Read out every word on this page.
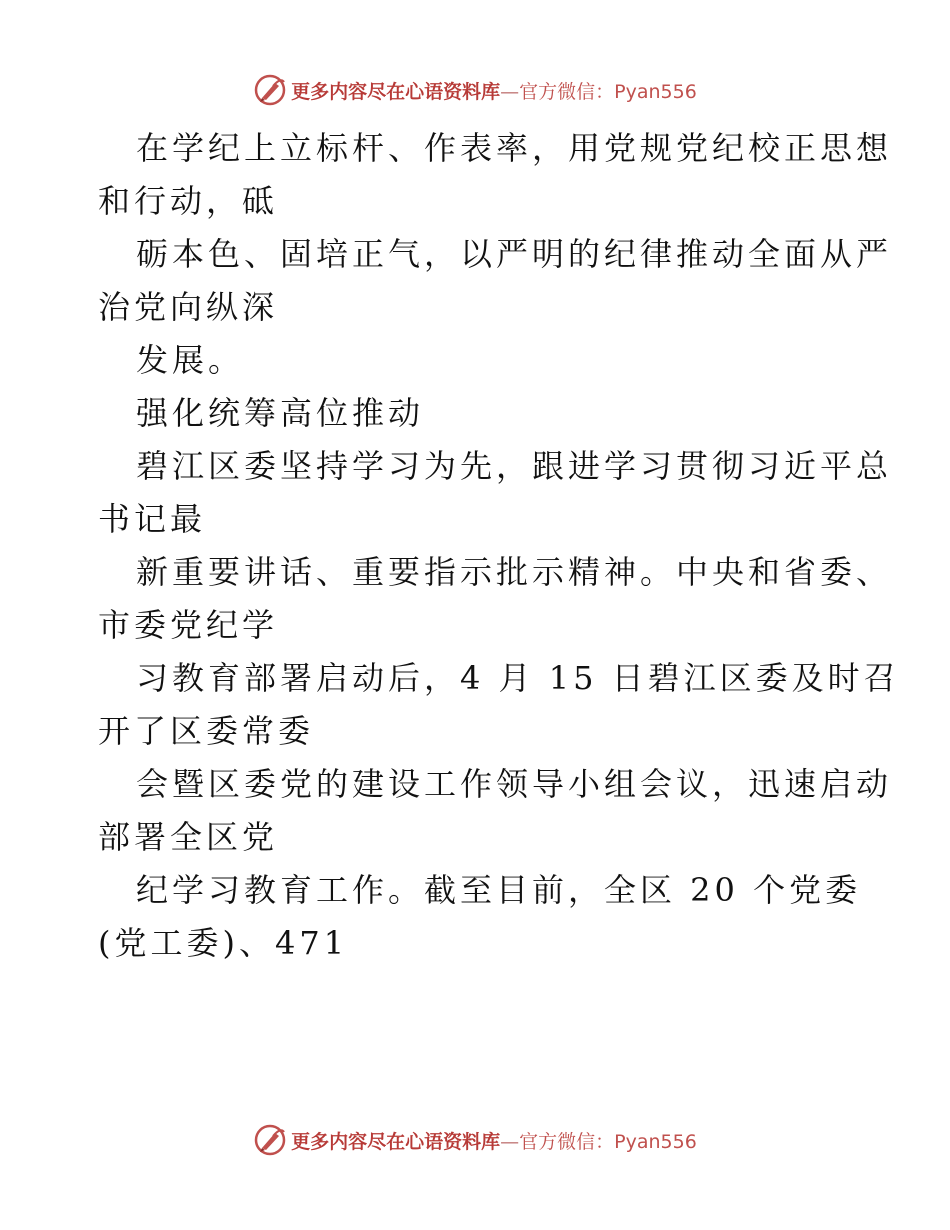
更多内容尽在心语资料库—官方微信：Pyan556
在学纪上立标杆、作表率，用党规党纪校正思想
和行动，砥
砺本色、固培正气，以严明的纪律推动全面从严
治党向纵深
发展。
强化统筹高位推动
碧江区委坚持学习为先，跟进学习贯彻习近平总
书记最
新重要讲话、重要指示批示精神。中央和省委、
市委党纪学
习教育部署启动后，4 月 15 日碧江区委及时召
开了区委常委
会暨区委党的建设工作领导小组会议，迅速启动
部署全区党
纪学习教育工作。截至目前，全区 20 个党委
(党工委)、471
更多内容尽在心语资料库—官方微信：Pyan556
